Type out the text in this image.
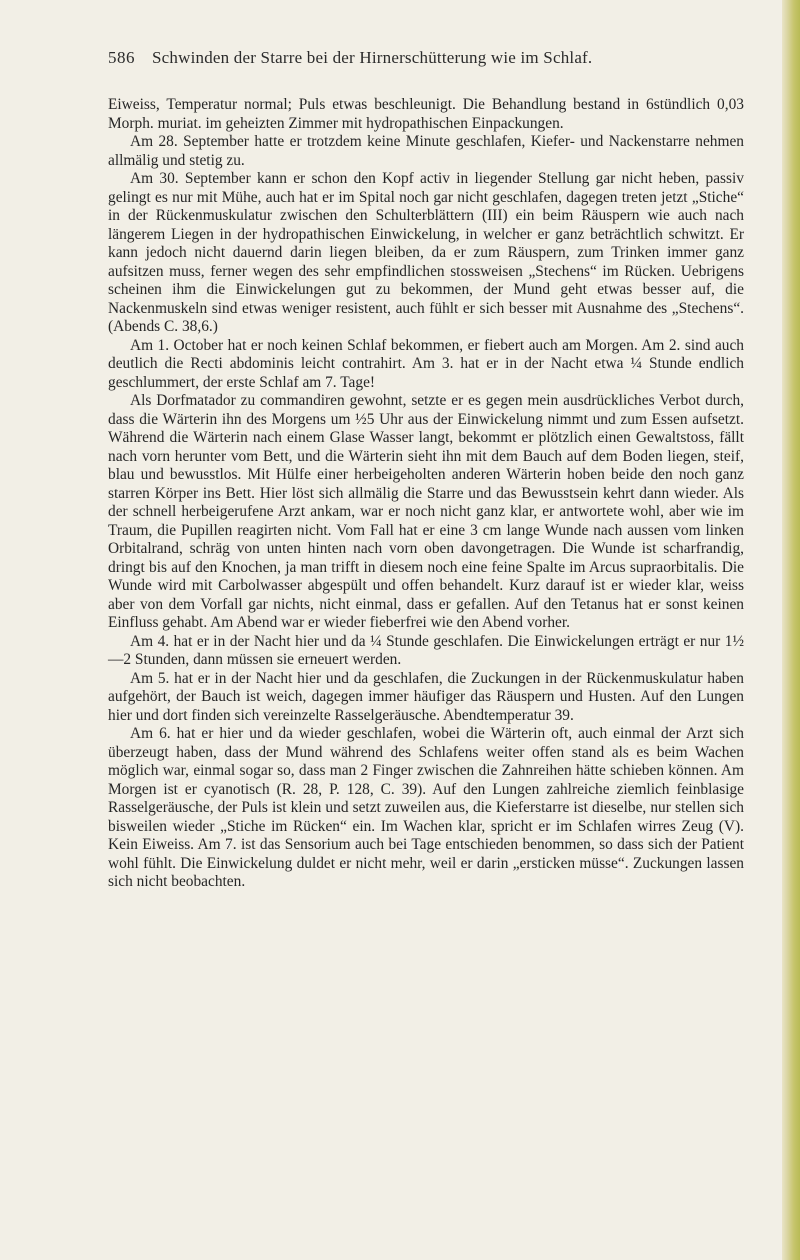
586 Schwinden der Starre bei der Hirnerschütterung wie im Schlaf.

Eiweiss, Temperatur normal; Puls etwas beschleunigt. Die Behandlung bestand in 6stündlich 0,03 Morph. muriat. im geheizten Zimmer mit hydropathischen Einpackungen.

Am 28. September hatte er trotzdem keine Minute geschlafen, Kiefer- und Nackenstarre nehmen allmälig und stetig zu.

Am 30. September kann er schon den Kopf activ in liegender Stellung gar nicht heben, passiv gelingt es nur mit Mühe, auch hat er im Spital noch gar nicht geschlafen, dagegen treten jetzt „Stiche“ in der Rückenmuskulatur zwischen den Schulterblättern (III) ein beim Räuspern wie auch nach längerem Liegen in der hydropathischen Einwickelung, in welcher er ganz beträchtlich schwitzt. Er kann jedoch nicht dauernd darin liegen bleiben, da er zum Räuspern, zum Trinken immer ganz aufsitzen muss, ferner wegen des sehr empfindlichen stossweisen „Stechens“ im Rücken. Uebrigens scheinen ihm die Einwickelungen gut zu bekommen, der Mund geht etwas besser auf, die Nackenmuskeln sind etwas weniger resistent, auch fühlt er sich besser mit Ausnahme des „Stechens“. (Abends C. 38,6.)

Am 1. October hat er noch keinen Schlaf bekommen, er fiebert auch am Morgen. Am 2. sind auch deutlich die Recti abdominis leicht contrahirt. Am 3. hat er in der Nacht etwa ¼ Stunde endlich geschlummert, der erste Schlaf am 7. Tage!

Als Dorfmatador zu commandiren gewohnt, setzte er es gegen mein ausdrückliches Verbot durch, dass die Wärterin ihn des Morgens um ½5 Uhr aus der Einwickelung nimmt und zum Essen aufsetzt. Während die Wärterin nach einem Glase Wasser langt, bekommt er plötzlich einen Gewaltstoss, fällt nach vorn herunter vom Bett, und die Wärterin sieht ihn mit dem Bauch auf dem Boden liegen, steif, blau und bewusstlos. Mit Hülfe einer herbeigeholten anderen Wärterin hoben beide den noch ganz starren Körper ins Bett. Hier löst sich allmälig die Starre und das Bewusstsein kehrt dann wieder. Als der schnell herbeigerufene Arzt ankam, war er noch nicht ganz klar, er antwortete wohl, aber wie im Traum, die Pupillen reagirten nicht. Vom Fall hat er eine 3 cm lange Wunde nach aussen vom linken Orbitalrand, schräg von unten hinten nach vorn oben davongetragen. Die Wunde ist scharfrandig, dringt bis auf den Knochen, ja man trifft in diesem noch eine feine Spalte im Arcus supraorbitalis. Die Wunde wird mit Carbolwasser abgespült und offen behandelt. Kurz darauf ist er wieder klar, weiss aber von dem Vorfall gar nichts, nicht einmal, dass er gefallen. Auf den Tetanus hat er sonst keinen Einfluss gehabt. Am Abend war er wieder fieberfrei wie den Abend vorher.

Am 4. hat er in der Nacht hier und da ¼ Stunde geschlafen. Die Einwickelungen erträgt er nur 1½—2 Stunden, dann müssen sie erneuert werden.

Am 5. hat er in der Nacht hier und da geschlafen, die Zuckungen in der Rückenmuskulatur haben aufgehört, der Bauch ist weich, dagegen immer häufiger das Räuspern und Husten. Auf den Lungen hier und dort finden sich vereinzelte Rasselgeräusche. Abendtemperatur 39.

Am 6. hat er hier und da wieder geschlafen, wobei die Wärterin oft, auch einmal der Arzt sich überzeugt haben, dass der Mund während des Schlafens weiter offen stand als es beim Wachen möglich war, einmal sogar so, dass man 2 Finger zwischen die Zahnreihen hätte schieben können. Am Morgen ist er cyanotisch (R. 28, P. 128, C. 39). Auf den Lungen zahlreiche ziemlich feinblasige Rasselgeräusche, der Puls ist klein und setzt zuweilen aus, die Kieferstarre ist dieselbe, nur stellen sich bisweilen wieder „Stiche im Rücken“ ein. Im Wachen klar, spricht er im Schlafen wirres Zeug (V). Kein Eiweiss. Am 7. ist das Sensorium auch bei Tage entschieden benommen, so dass sich der Patient wohl fühlt. Die Einwickelung duldet er nicht mehr, weil er darin „ersticken müsse“. Zuckungen lassen sich nicht beobachten.
